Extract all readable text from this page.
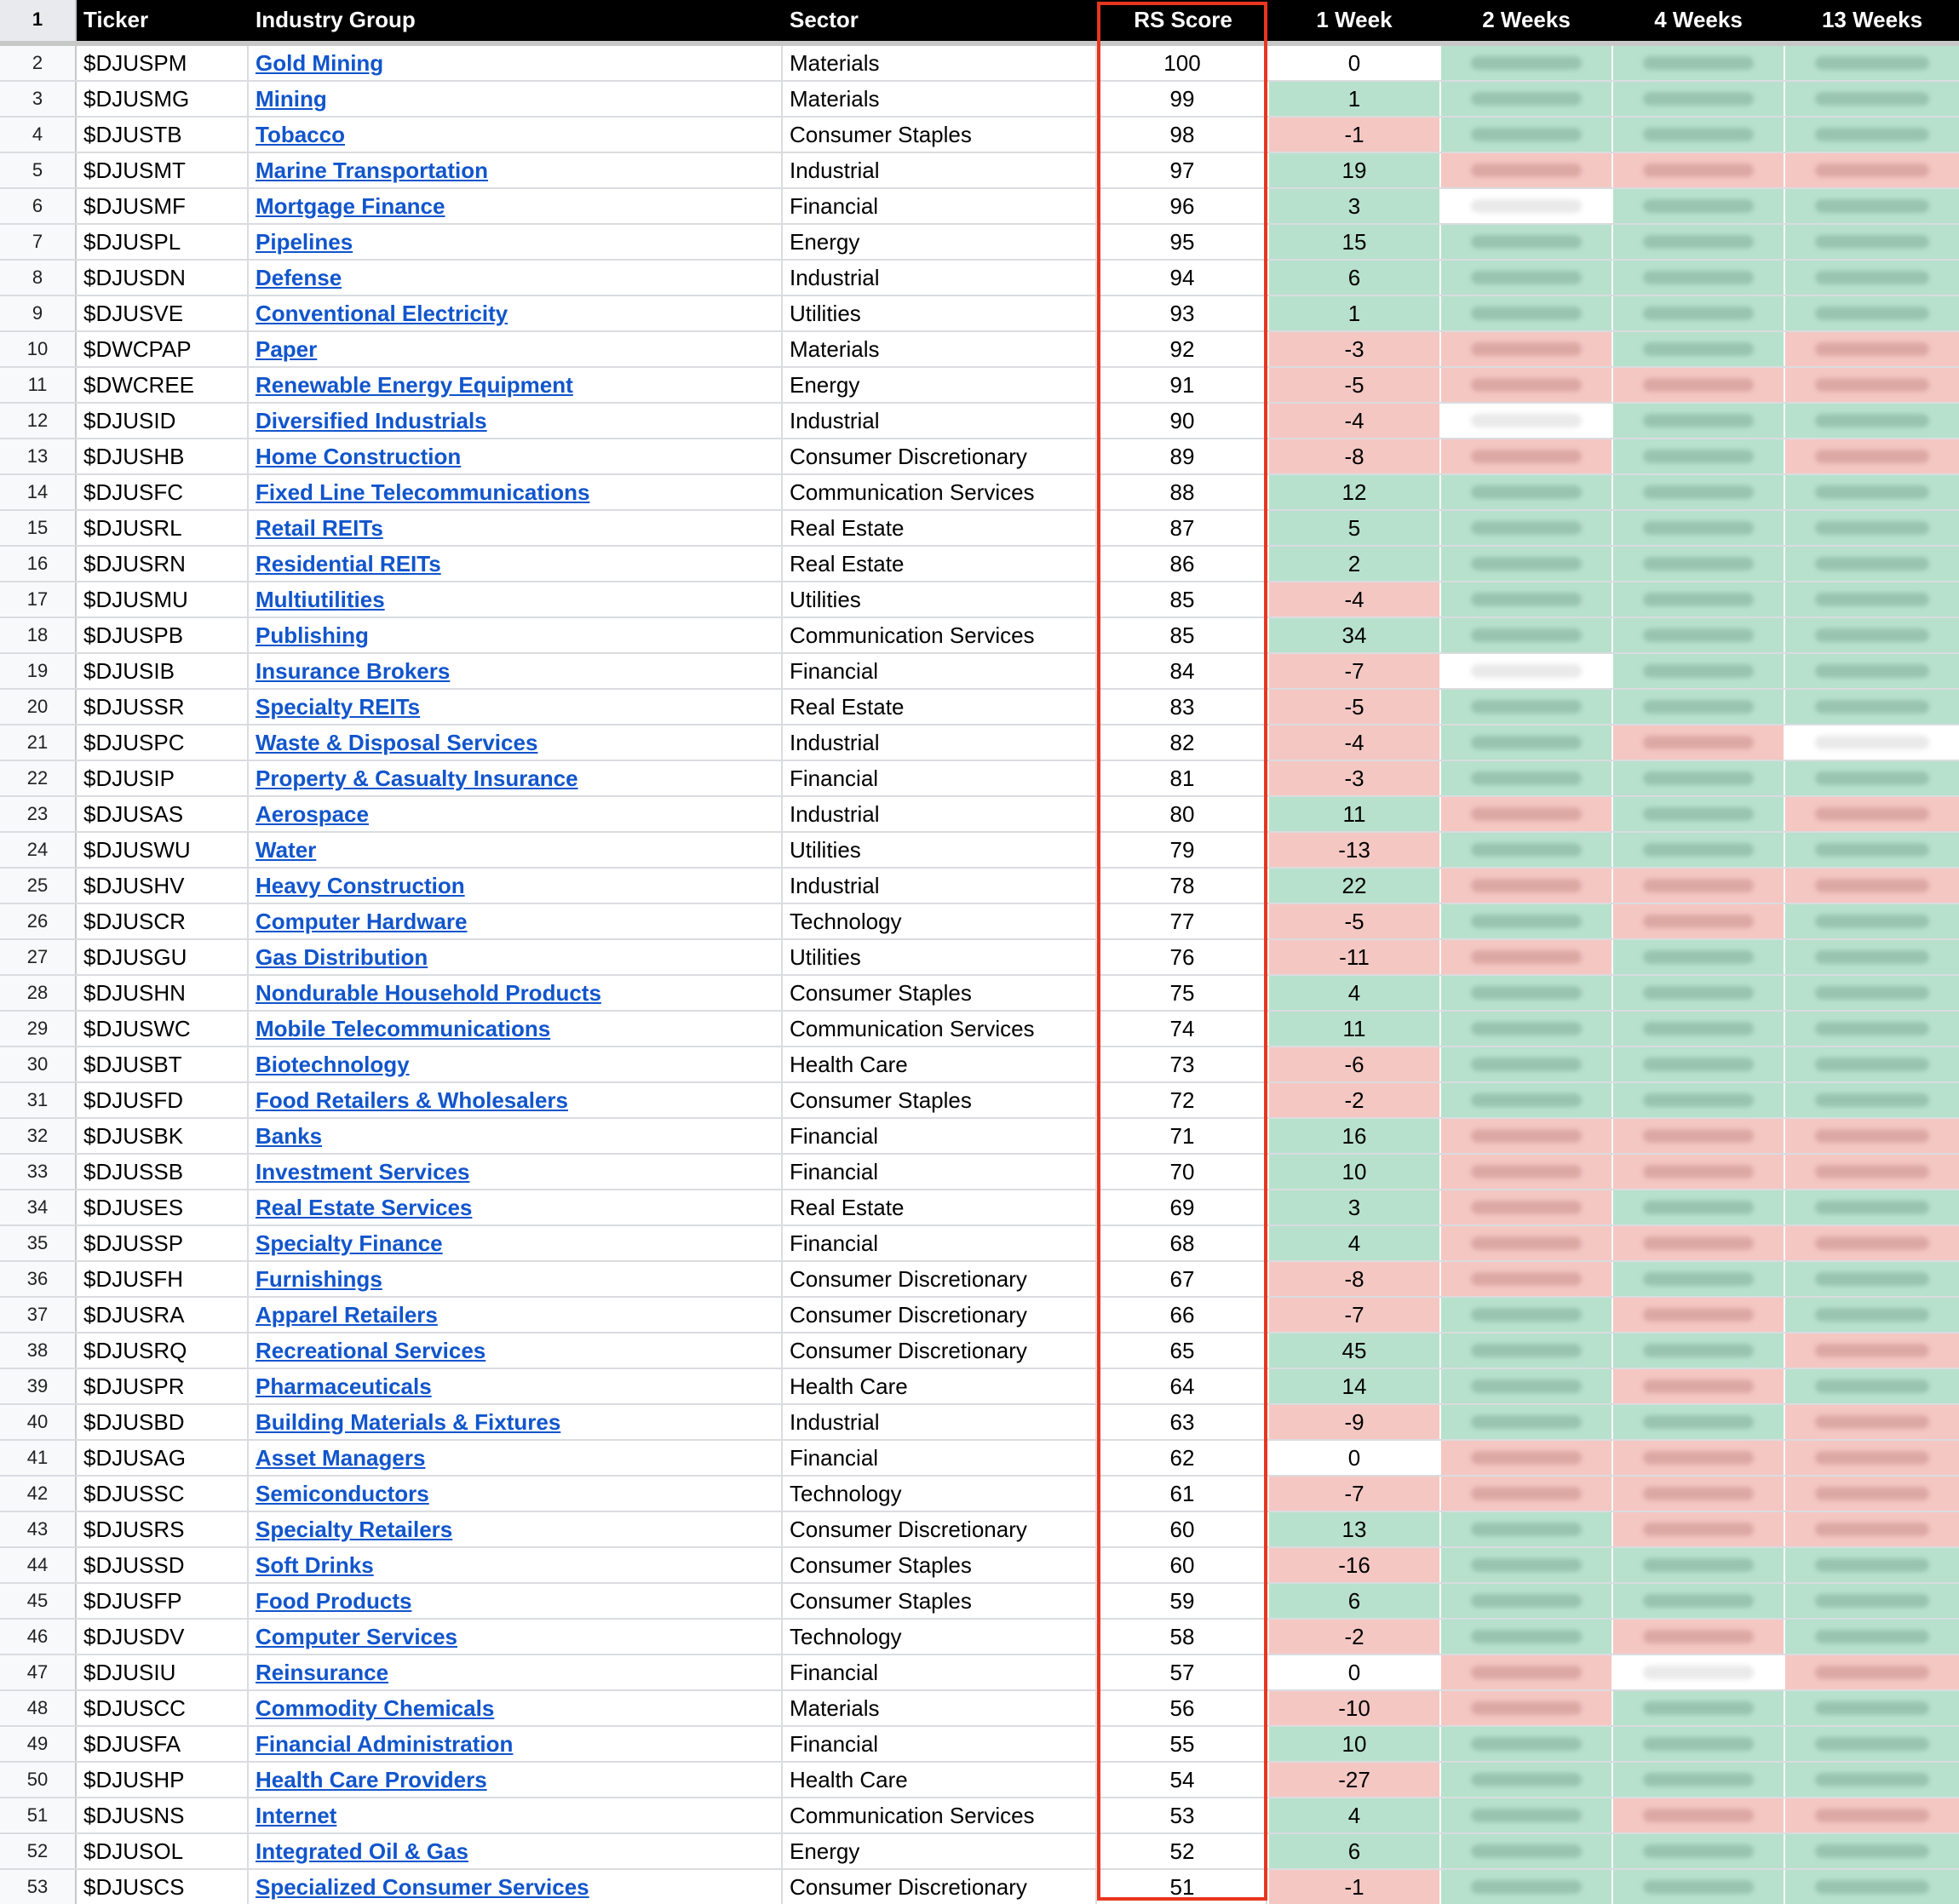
1	Ticker	Industry Group	Sector	RS Score	1 Week	2 Weeks	4 Weeks	13 Weeks
2	$DJUSPM	Gold Mining	Materials	100	0
3	$DJUSMG	Mining	Materials	99	1
4	$DJUSTB	Tobacco	Consumer Staples	98	-1
5	$DJUSMT	Marine Transportation	Industrial	97	19
6	$DJUSMF	Mortgage Finance	Financial	96	3
7	$DJUSPL	Pipelines	Energy	95	15
8	$DJUSDN	Defense	Industrial	94	6
9	$DJUSVE	Conventional Electricity	Utilities	93	1
10	$DWCPAP	Paper	Materials	92	-3
11	$DWCREE	Renewable Energy Equipment	Energy	91	-5
12	$DJUSID	Diversified Industrials	Industrial	90	-4
13	$DJUSHB	Home Construction	Consumer Discretionary	89	-8
14	$DJUSFC	Fixed Line Telecommunications	Communication Services	88	12
15	$DJUSRL	Retail REITs	Real Estate	87	5
16	$DJUSRN	Residential REITs	Real Estate	86	2
17	$DJUSMU	Multiutilities	Utilities	85	-4
18	$DJUSPB	Publishing	Communication Services	85	34
19	$DJUSIB	Insurance Brokers	Financial	84	-7
20	$DJUSSR	Specialty REITs	Real Estate	83	-5
21	$DJUSPC	Waste & Disposal Services	Industrial	82	-4
22	$DJUSIP	Property & Casualty Insurance	Financial	81	-3
23	$DJUSAS	Aerospace	Industrial	80	11
24	$DJUSWU	Water	Utilities	79	-13
25	$DJUSHV	Heavy Construction	Industrial	78	22
26	$DJUSCR	Computer Hardware	Technology	77	-5
27	$DJUSGU	Gas Distribution	Utilities	76	-11
28	$DJUSHN	Nondurable Household Products	Consumer Staples	75	4
29	$DJUSWC	Mobile Telecommunications	Communication Services	74	11
30	$DJUSBT	Biotechnology	Health Care	73	-6
31	$DJUSFD	Food Retailers & Wholesalers	Consumer Staples	72	-2
32	$DJUSBK	Banks	Financial	71	16
33	$DJUSSB	Investment Services	Financial	70	10
34	$DJUSES	Real Estate Services	Real Estate	69	3
35	$DJUSSP	Specialty Finance	Financial	68	4
36	$DJUSFH	Furnishings	Consumer Discretionary	67	-8
37	$DJUSRA	Apparel Retailers	Consumer Discretionary	66	-7
38	$DJUSRQ	Recreational Services	Consumer Discretionary	65	45
39	$DJUSPR	Pharmaceuticals	Health Care	64	14
40	$DJUSBD	Building Materials & Fixtures	Industrial	63	-9
41	$DJUSAG	Asset Managers	Financial	62	0
42	$DJUSSC	Semiconductors	Technology	61	-7
43	$DJUSRS	Specialty Retailers	Consumer Discretionary	60	13
44	$DJUSSD	Soft Drinks	Consumer Staples	60	-16
45	$DJUSFP	Food Products	Consumer Staples	59	6
46	$DJUSDV	Computer Services	Technology	58	-2
47	$DJUSIU	Reinsurance	Financial	57	0
48	$DJUSCC	Commodity Chemicals	Materials	56	-10
49	$DJUSFA	Financial Administration	Financial	55	10
50	$DJUSHP	Health Care Providers	Health Care	54	-27
51	$DJUSNS	Internet	Communication Services	53	4
52	$DJUSOL	Integrated Oil & Gas	Energy	52	6
53	$DJUSCS	Specialized Consumer Services	Consumer Discretionary	51	-1
